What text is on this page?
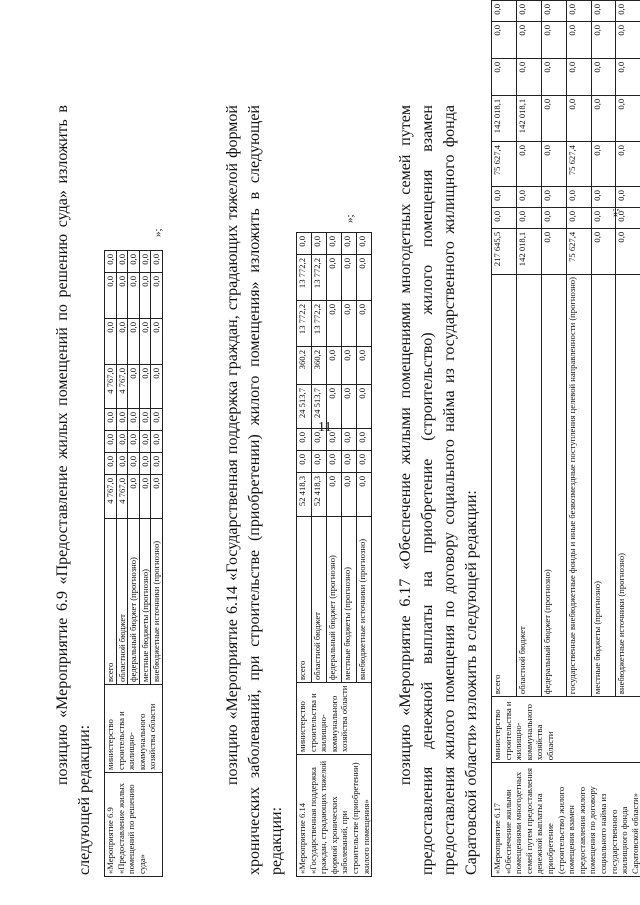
11

позицию «Мероприятие 6.9 «Предоставление жилых помещений по решению суда» изложить в следующей редакции:	«Мероприятие 6.9 «Предоставление жилых помещений по решению суда»	министерство строительства и жилищно-коммунального хозяйства области	всего	4 767,0	0,0	0,0	0,0	4 767,0	0,0	0,0	0,0
		областной бюджет	4 767,0	0,0	0,0	0,0	4 767,0	0,0	0,0	0,0
		федеральный бюджет (прогнозно)	0,0	0,0	0,0	0,0	0,0	0,0	0,0	0,0
		местные бюджеты (прогнозно)	0,0	0,0	0,0	0,0	0,0	0,0	0,0	0,0
		внебюджетные источники (прогнозно)	0,0	0,0	0,0	0,0	0,0	0,0	0,0	0,0
»;	позицию «Мероприятие 6.14 «Государственная поддержка граждан, страдающих тяжелой формой хронических заболеваний, при строительстве (приобретении) жилого помещения» изложить в следующей редакции:	«Мероприятие 6.14 «Государственная поддержка граждан, страдающих тяжелой формой хронических заболеваний, при строительстве (приобретении) жилого помещения»	министерство строительства и жилищно-коммунального хозяйства области	всего	52 418,3	0,0	0,0	24 513,7	360,2	13 772,2	13 772,2	0,0
		областной бюджет	52 418,3	0,0	0,0	24 513,7	360,2	13 772,2	13 772,2	0,0
		федеральный бюджет (прогнозно)	0,0	0,0	0,0	0,0	0,0	0,0	0,0	0,0
		местные бюджеты (прогнозно)	0,0	0,0	0,0	0,0	0,0	0,0	0,0	0,0
		внебюджетные источники (прогнозно)	0,0	0,0	0,0	0,0	0,0	0,0	0,0	0,0
»;	позицию «Мероприятие 6.17 «Обеспечение жилыми помещениями многодетных семей путем предоставления денежной выплаты на приобретение (строительство) жилого помещения взамен предоставления жилого помещения по договору социального найма из государственного жилищного фонда Саратовской области» изложить в следующей редакции:	«Мероприятие 6.17 «Обеспечение жилыми помещениями многодетных семей путем предоставления денежной выплаты на приобретение (строительство) жилого помещения взамен предоставления жилого помещения по договору социального найма из государственного жилищного фонда Саратовской области»	министерство строительства и жилищно-коммунального хозяйства области	всего	217 645,5	0,0	0,0	75 627,4	142 018,1	0,0	0,0	0,0
		областной бюджет	142 018,1	0,0	0,0	0,0	142 018,1	0,0	0,0	0,0
		федеральный бюджет (прогнозно)	0,0	0,0	0,0	0,0	0,0	0,0	0,0	0,0
		государственные внебюджетные фонды и иные безвозмездные поступления целевой направленности (прогнозно)	75 627,4	0,0	0,0	75 627,4	0,0	0,0	0,0	0,0
		местные бюджеты (прогнозно)	0,0	0,0	0,0	0,0	0,0	0,0	0,0	0,0
		внебюджетные источники (прогнозно)	0,0	0,0	0,0	0,0	0,0	0,0	0,0	0,0
»;
